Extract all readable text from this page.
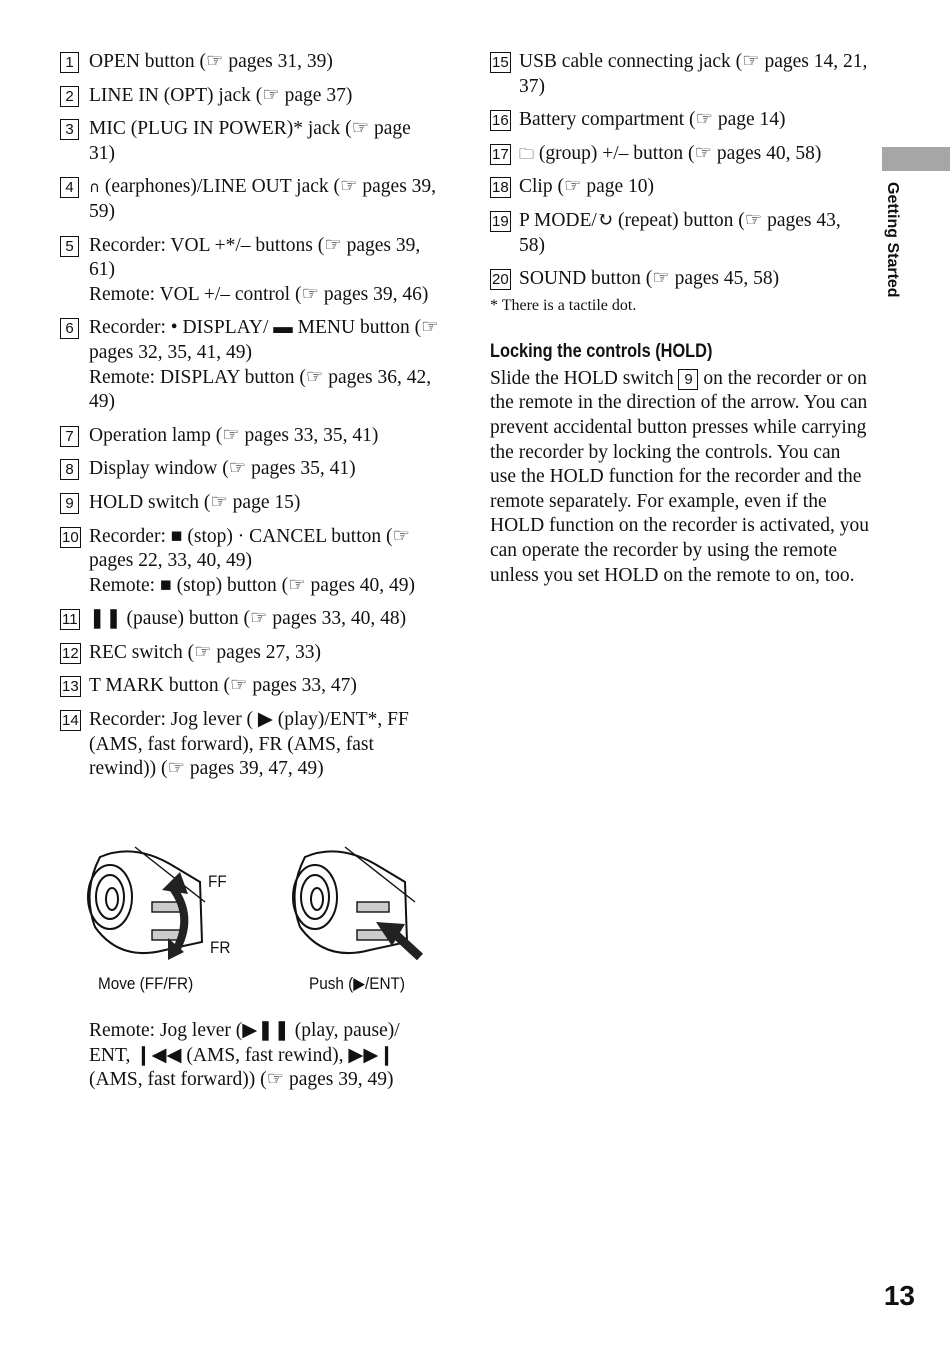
Getting Started
1 OPEN button (☞ pages 31, 39)
2 LINE IN (OPT) jack (☞ page 37)
3 MIC (PLUG IN POWER)* jack (☞ page 31)
4	∩ (earphones)/LINE OUT jack (☞ pages 39, 59)
5 Recorder: VOL +*/– buttons (☞ pages 39, 61)
Remote: VOL +/– control (☞ pages 39, 46)
6 Recorder: • DISPLAY/ ▬ MENU button (☞ pages 32, 35, 41, 49)
Remote: DISPLAY button (☞ pages 36, 42, 49)
7 Operation lamp (☞ pages 33, 35, 41)
8 Display window (☞ pages 35, 41)
9 HOLD switch (☞ page 15)
10 Recorder: ■ (stop) · CANCEL button (☞ pages 22, 33, 40, 49)
Remote: ■ (stop) button (☞ pages 40, 49)
11 ❚❚ (pause) button (☞ pages 33, 40, 48)
12 REC switch (☞ pages 27, 33)
13 T MARK button (☞ pages 33, 47)
14 Recorder: Jog lever ( ▶ (play)/ENT*, FF (AMS, fast forward), FR (AMS, fast rewind)) (☞ pages 39, 47, 49)
FF
FR
Move (FF/FR)	Push (▶/ENT)
Remote: Jog lever (▶❚❚ (play, pause)/ ENT, ❙◀◀ (AMS, fast rewind), ▶▶❙ (AMS, fast forward)) (☞ pages 39, 49)
15 USB cable connecting jack (☞ pages 14, 21, 37)
16 Battery compartment (☞ page 14)
17 🗀 (group) +/– button (☞ pages 40, 58)
18 Clip (☞ page 10)
19 P MODE/↻ (repeat) button (☞ pages 43, 58)
20 SOUND button (☞ pages 45, 58)
* There is a tactile dot.
Locking the controls (HOLD)
Slide the HOLD switch 9 on the recorder or on the remote in the direction of the arrow. You can prevent accidental button presses while carrying the recorder by locking the controls. You can use the HOLD function for the recorder and the remote separately. For example, even if the HOLD function on the recorder is activated, you can operate the recorder by using the remote unless you set HOLD on the remote to on, too.
13
